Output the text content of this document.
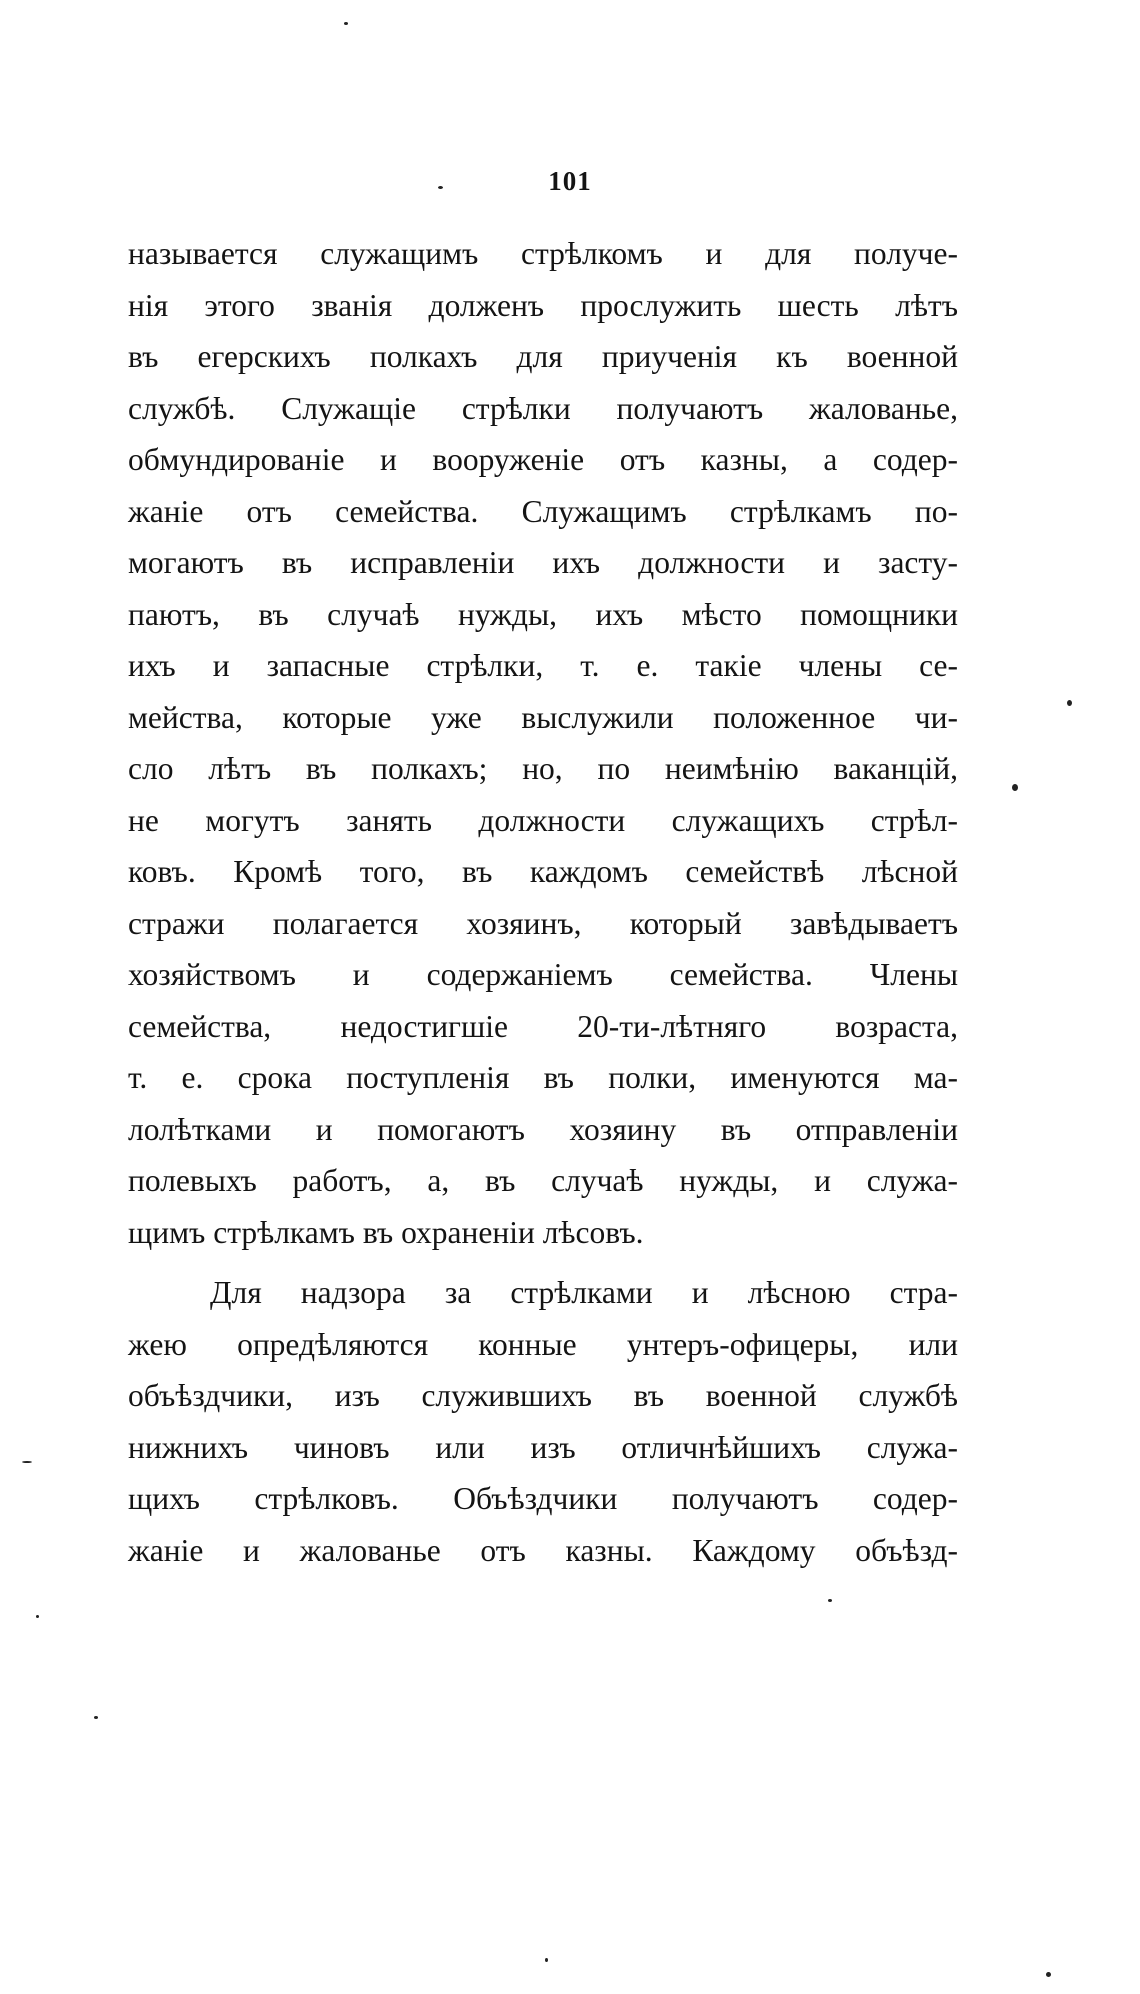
101
называется служащимъ стрѣлкомъ и для получе-
нія этого званія долженъ прослужить шесть лѣтъ
въ егерскихъ полкахъ для приученія къ военной
службѣ. Служащіе стрѣлки получаютъ жалованье,
обмундированіе и вооруженіе отъ казны, а содер-
жаніе отъ семейства. Служащимъ стрѣлкамъ по-
могаютъ въ исправленіи ихъ должности и засту-
паютъ, въ случаѣ нужды, ихъ мѣсто помощники
ихъ и запасные стрѣлки, т. е. такіе члены се-
мейства, которые уже выслужили положенное чи-
сло лѣтъ въ полкахъ; но, по неимѣнію ваканцій,
не могутъ занять должности служащихъ стрѣл-
ковъ. Кромѣ того, въ каждомъ семействѣ лѣсной
стражи полагается хозяинъ, который завѣдываетъ
хозяйствомъ и содержаніемъ семейства. Члены
семейства, недостигшіе 20-ти-лѣтняго возраста,
т. е. срока поступленія въ полки, именуются ма-
лолѣтками и помогаютъ хозяину въ отправленіи
полевыхъ работъ, а, въ случаѣ нужды, и служа-
щимъ стрѣлкамъ въ охраненіи лѣсовъ.
Для надзора за стрѣлками и лѣсною стра-
жею опредѣляются конные унтеръ-офицеры, или
объѣздчики, изъ служившихъ въ военной службѣ
нижнихъ чиновъ или изъ отличнѣйшихъ служа-
щихъ стрѣлковъ. Объѣздчики получаютъ содер-
жаніе и жалованье отъ казны. Каждому объѣзд-
